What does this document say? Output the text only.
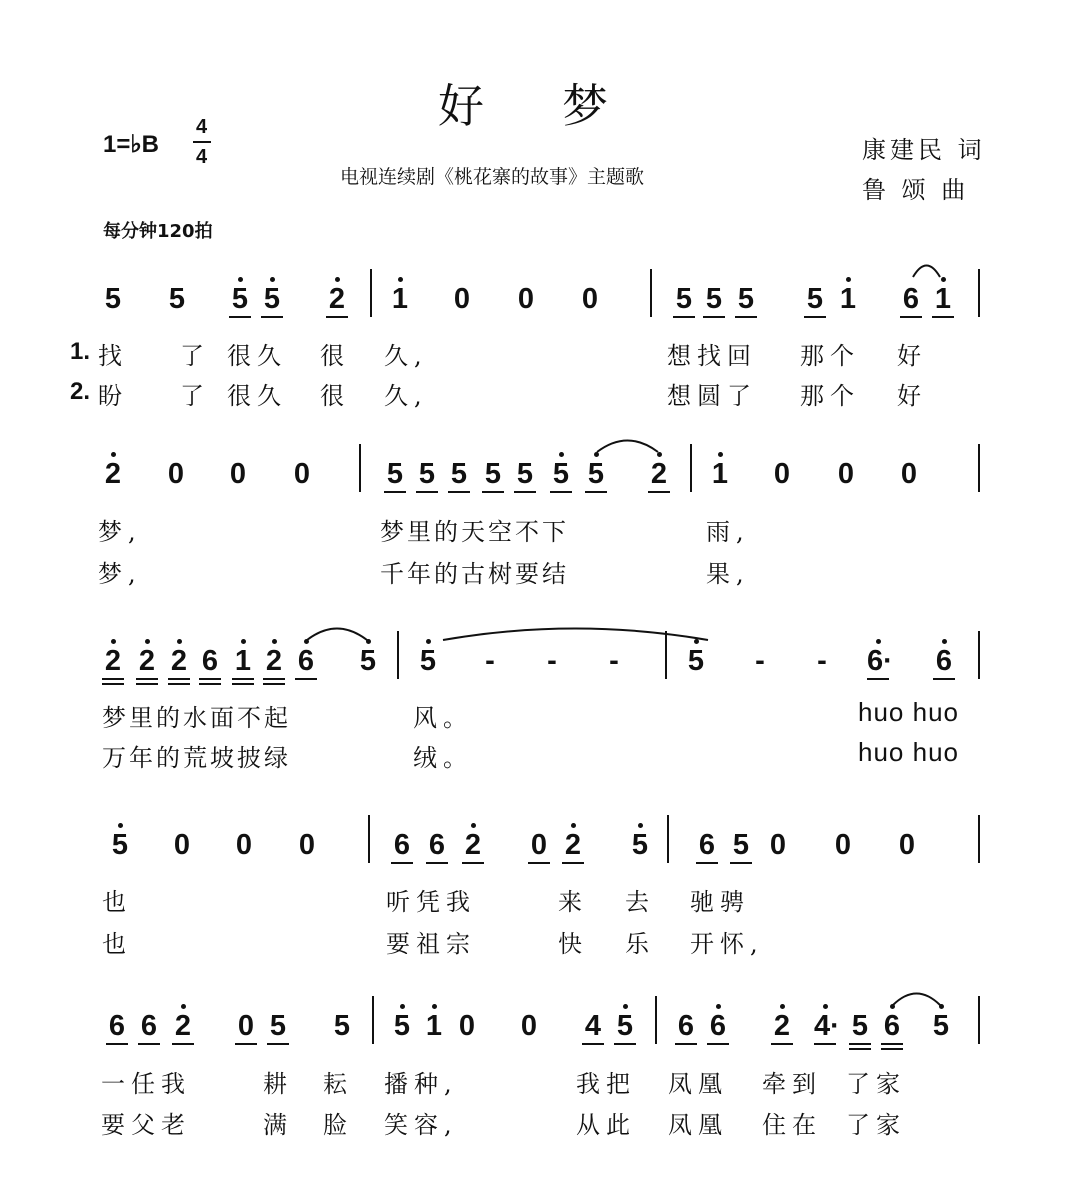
好梦
1=♭B
4
4
电视连续剧《桃花寨的故事》主题歌
康建民 词
鲁 颂 曲
每分钟120拍
5 5 5 5 2 1 0 0 0	5 5 5 5 1 6 1
1. 找 了 很久 很 久,	想找回 那个 好
2. 盼 了 很久 很 久,	想圆了 那个 好
2 0 0 0	5 5 5 5 5 5 5 2 1 0 0 0
梦,	梦里的天空不下	雨,
梦,	千年的古树要结	果,
2 2 2 6 1 2 6 5 5 - - - 5 - - 6· 6
梦里的水面不起	风。	huo huo
万年的荒坡披绿	绒。	huo huo
5 0 0 0	6 6 2 0 2 5 6 5 0 0 0
也	听凭我	来 去 驰骋
也	要祖宗	快 乐 开怀,
6 6 2 0 5 5 5 1 0 0 4 5 6 6 2 4· 5 6 5
一任我	耕 耘 播种,	我把 凤凰 牵到 了家
要父老	满 脸 笑容,	从此 凤凰 住在 了家
